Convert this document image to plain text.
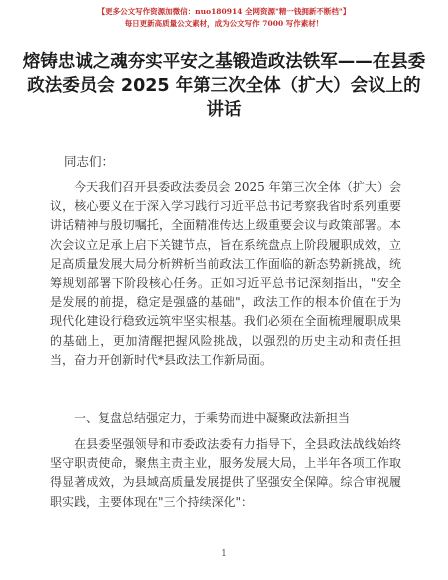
【更多公文写作资源加微信：nuo180914 全网资源"精一钱拥新不断档"】
每日更新高质量公文素材，成为公文写作 7000 写作素材！
熔铸忠诚之魂夯实平安之基锻造政法铁军——在县委政法委员会 2025 年第三次全体（扩大）会议上的讲话
同志们：

今天我们召开县委政法委员会 2025 年第三次全体（扩大）会议，核心要义在于深入学习践行习近平总书记考察我省时系列重要讲话精神与殷切嘱托，全面精准传达上级重要会议与政策部署。本次会议立足承上启下关键节点，旨在系统盘点上阶段履职成效，立足高质量发展大局分析辨析当前政法工作面临的新态势新挑战，统筹规划部署下阶段核心任务。正如习近平总书记深刻指出，"安全是发展的前提，稳定是强盛的基础"，政法工作的根本价值在于为现代化建设行稳致远筑牢坚实根基。我们必须在全面梳理履职成果的基础上，更加清醒把握风险挑战，以强烈的历史主动和责任担当，奋力开创新时代*县政法工作新局面。

一、复盘总结强定力，于乘势而进中凝聚政法新担当

在县委坚强领导和市委政法委有力指导下，全县政法战线始终坚守职责使命，聚焦主责主业，服务发展大局，上半年各项工作取得显著成效，为县域高质量发展提供了坚强安全保障。综合审视履职实践，主要体现在"三个持续深化"：

1
